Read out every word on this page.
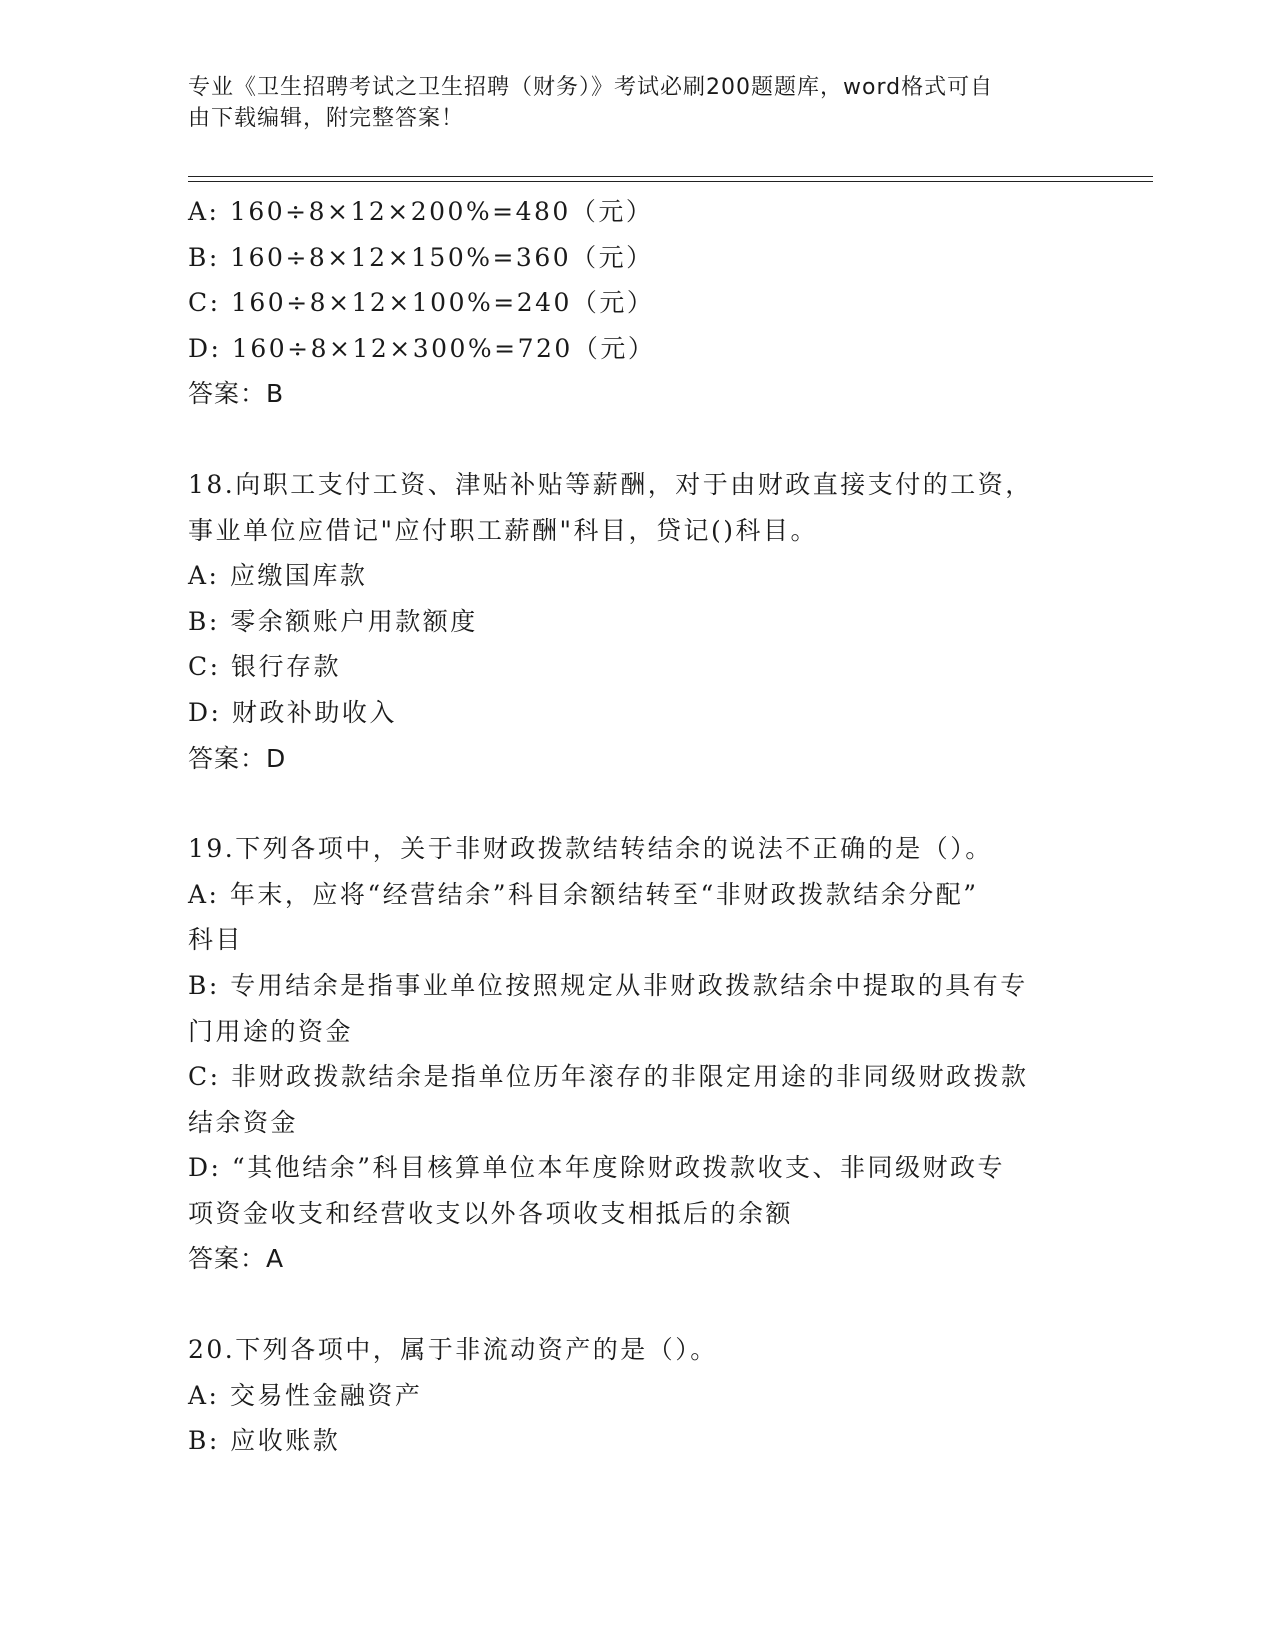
专业《卫生招聘考试之卫生招聘（财务）》考试必刷200题题库，word格式可自
由下载编辑，附完整答案！
A: 160÷8×12×200%=480（元）
B: 160÷8×12×150%=360（元）
C: 160÷8×12×100%=240（元）
D: 160÷8×12×300%=720（元）
答案：B
18.向职工支付工资、津贴补贴等薪酬，对于由财政直接支付的工资，
事业单位应借记"应付职工薪酬"科目，贷记()科目。
A: 应缴国库款
B: 零余额账户用款额度
C: 银行存款
D: 财政补助收入
答案：D
19.下列各项中，关于非财政拨款结转结余的说法不正确的是（）。
A: 年末，应将“经营结余”科目余额结转至“非财政拨款结余分配”
科目
B: 专用结余是指事业单位按照规定从非财政拨款结余中提取的具有专
门用途的资金
C: 非财政拨款结余是指单位历年滚存的非限定用途的非同级财政拨款
结余资金
D: “其他结余”科目核算单位本年度除财政拨款收支、非同级财政专
项资金收支和经营收支以外各项收支相抵后的余额
答案：A
20.下列各项中，属于非流动资产的是（）。
A: 交易性金融资产
B: 应收账款
